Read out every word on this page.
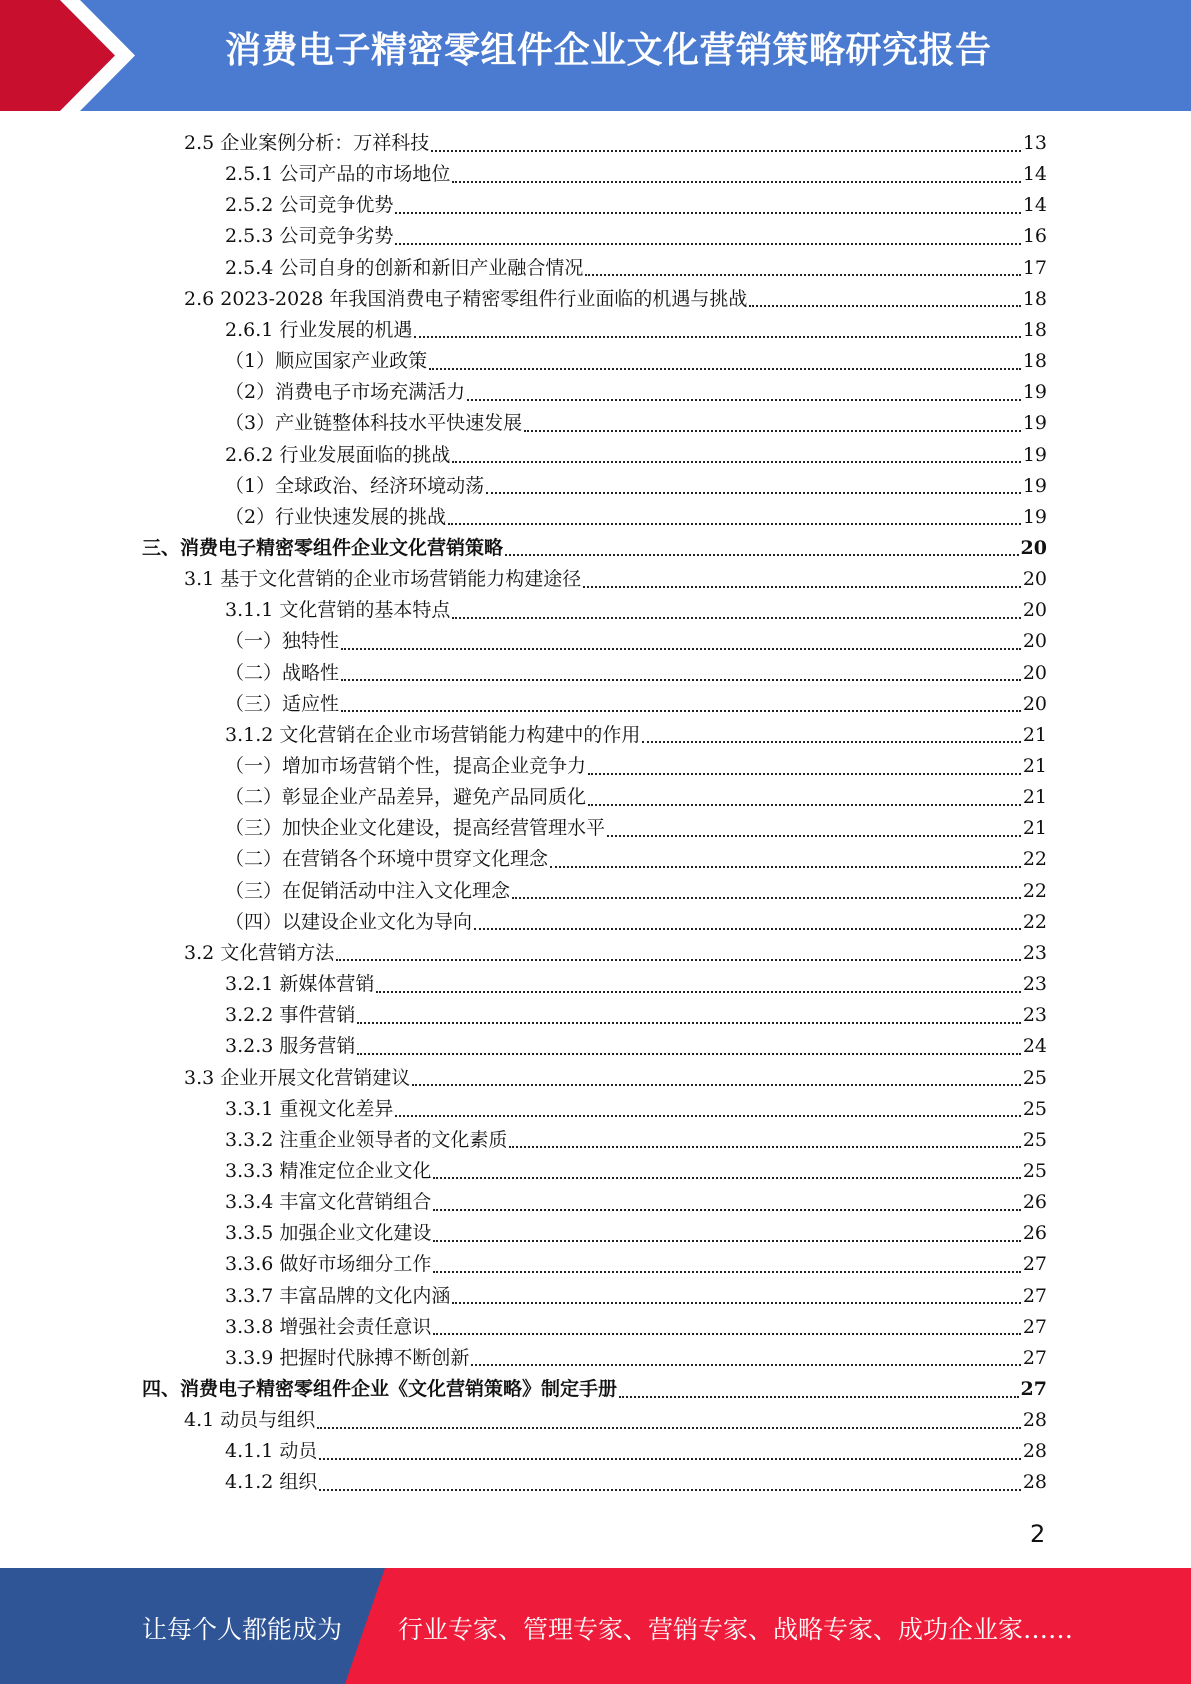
消费电子精密零组件企业文化营销策略研究报告
2.5 企业案例分析：万祥科技	13
2.5.1 公司产品的市场地位	14
2.5.2 公司竞争优势	14
2.5.3 公司竞争劣势	16
2.5.4 公司自身的创新和新旧产业融合情况	17
2.6 2023-2028 年我国消费电子精密零组件行业面临的机遇与挑战	18
2.6.1 行业发展的机遇	18
（1）顺应国家产业政策	18
（2）消费电子市场充满活力	19
（3）产业链整体科技水平快速发展	19
2.6.2 行业发展面临的挑战	19
（1）全球政治、经济环境动荡	19
（2）行业快速发展的挑战	19
三、消费电子精密零组件企业文化营销策略	20
3.1 基于文化营销的企业市场营销能力构建途径	20
3.1.1 文化营销的基本特点	20
（一）独特性	20
（二）战略性	20
（三）适应性	20
3.1.2 文化营销在企业市场营销能力构建中的作用	21
（一）增加市场营销个性，提高企业竞争力	21
（二）彰显企业产品差异，避免产品同质化	21
（三）加快企业文化建设，提高经营管理水平	21
（二）在营销各个环境中贯穿文化理念	22
（三）在促销活动中注入文化理念	22
（四）以建设企业文化为导向	22
3.2 文化营销方法	23
3.2.1 新媒体营销	23
3.2.2 事件营销	23
3.2.3 服务营销	24
3.3 企业开展文化营销建议	25
3.3.1 重视文化差异	25
3.3.2 注重企业领导者的文化素质	25
3.3.3 精准定位企业文化	25
3.3.4 丰富文化营销组合	26
3.3.5 加强企业文化建设	26
3.3.6 做好市场细分工作	27
3.3.7 丰富品牌的文化内涵	27
3.3.8 增强社会责任意识	27
3.3.9 把握时代脉搏不断创新	27
四、消费电子精密零组件企业《文化营销策略》制定手册	27
4.1 动员与组织	28
4.1.1 动员	28
4.1.2 组织	28
2
让每个人都能成为 行业专家、管理专家、营销专家、战略专家、成功企业家……
